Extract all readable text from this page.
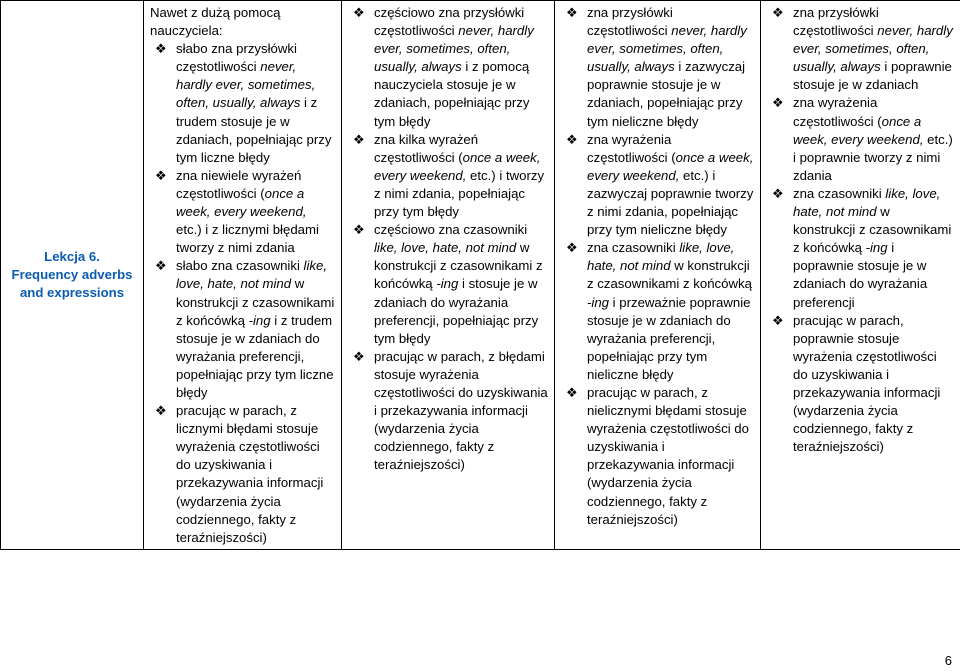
Lekcja 6.
Frequency adverbs
and expressions

Nawet z dużą pomocą nauczyciela:
❖ słabo zna przysłówki częstotliwości never, hardly ever, sometimes, often, usually, always i z trudem stosuje je w zdaniach, popełniając przy tym liczne błędy
❖ zna niewiele wyrażeń częstotliwości (once a week, every weekend, etc.) i z licznymi błędami tworzy z nimi zdania
❖ słabo zna czasowniki like, love, hate, not mind w konstrukcji z czasownikami z końcówką -ing i z trudem stosuje je w zdaniach do wyrażania preferencji, popełniając przy tym liczne błędy
❖ pracując w parach, z licznymi błędami stosuje wyrażenia częstotliwości do uzyskiwania i przekazywania informacji (wydarzenia życia codziennego, fakty z teraźniejszości)

❖ częściowo zna przysłówki częstotliwości never, hardly ever, sometimes, often, usually, always i z pomocą nauczyciela stosuje je w zdaniach, popełniając przy tym błędy
❖ zna kilka wyrażeń częstotliwości (once a week, every weekend, etc.) i tworzy z nimi zdania, popełniając przy tym błędy
❖ częściowo zna czasowniki like, love, hate, not mind w konstrukcji z czasownikami z końcówką -ing i stosuje je w zdaniach do wyrażania preferencji, popełniając przy tym błędy
❖ pracując w parach, z błędami stosuje wyrażenia częstotliwości do uzyskiwania i przekazywania informacji (wydarzenia życia codziennego, fakty z teraźniejszości)

❖ zna przysłówki częstotliwości never, hardly ever, sometimes, often, usually, always i zazwyczaj poprawnie stosuje je w zdaniach, popełniając przy tym nieliczne błędy
❖ zna wyrażenia częstotliwości (once a week, every weekend, etc.) i zazwyczaj poprawnie tworzy z nimi zdania, popełniając przy tym nieliczne błędy
❖ zna czasowniki like, love, hate, not mind w konstrukcji z czasownikami z końcówką -ing i przeważnie poprawnie stosuje je w zdaniach do wyrażania preferencji, popełniając przy tym nieliczne błędy
❖ pracując w parach, z nielicznymi błędami stosuje wyrażenia częstotliwości do uzyskiwania i przekazywania informacji (wydarzenia życia codziennego, fakty z teraźniejszości)

❖ zna przysłówki częstotliwości never, hardly ever, sometimes, often, usually, always i poprawnie stosuje je w zdaniach
❖ zna wyrażenia częstotliwości (once a week, every weekend, etc.) i poprawnie tworzy z nimi zdania
❖ zna czasowniki like, love, hate, not mind w konstrukcji z czasownikami z końcówką -ing i poprawnie stosuje je w zdaniach do wyrażania preferencji
❖ pracując w parach, poprawnie stosuje wyrażenia częstotliwości do uzyskiwania i przekazywania informacji (wydarzenia życia codziennego, fakty z teraźniejszości)
6
